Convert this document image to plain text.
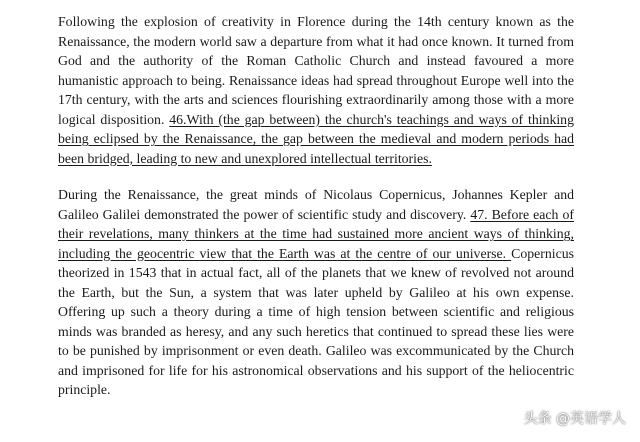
Following the explosion of creativity in Florence during the 14th century known as the Renaissance, the modern world saw a departure from what it had once known. It turned from God and the authority of the Roman Catholic Church and instead favoured a more humanistic approach to being. Renaissance ideas had spread throughout Europe well into the 17th century, with the arts and sciences flourishing extraordinarily among those with a more logical disposition. 46.With (the gap between) the church's teachings and ways of thinking being eclipsed by the Renaissance, the gap between the medieval and modern periods had been bridged, leading to new and unexplored intellectual territories.

During the Renaissance, the great minds of Nicolaus Copernicus, Johannes Kepler and Galileo Galilei demonstrated the power of scientific study and discovery. 47. Before each of their revelations, many thinkers at the time had sustained more ancient ways of thinking, including the geocentric view that the Earth was at the centre of our universe. Copernicus theorized in 1543 that in actual fact, all of the planets that we knew of revolved not around the Earth, but the Sun, a system that was later upheld by Galileo at his own expense. Offering up such a theory during a time of high tension between scientific and religious minds was branded as heresy, and any such heretics that continued to spread these lies were to be punished by imprisonment or even death. Galileo was excommunicated by the Church and imprisoned for life for his astronomical observations and his support of the heliocentric principle.

头条 @英语学人
